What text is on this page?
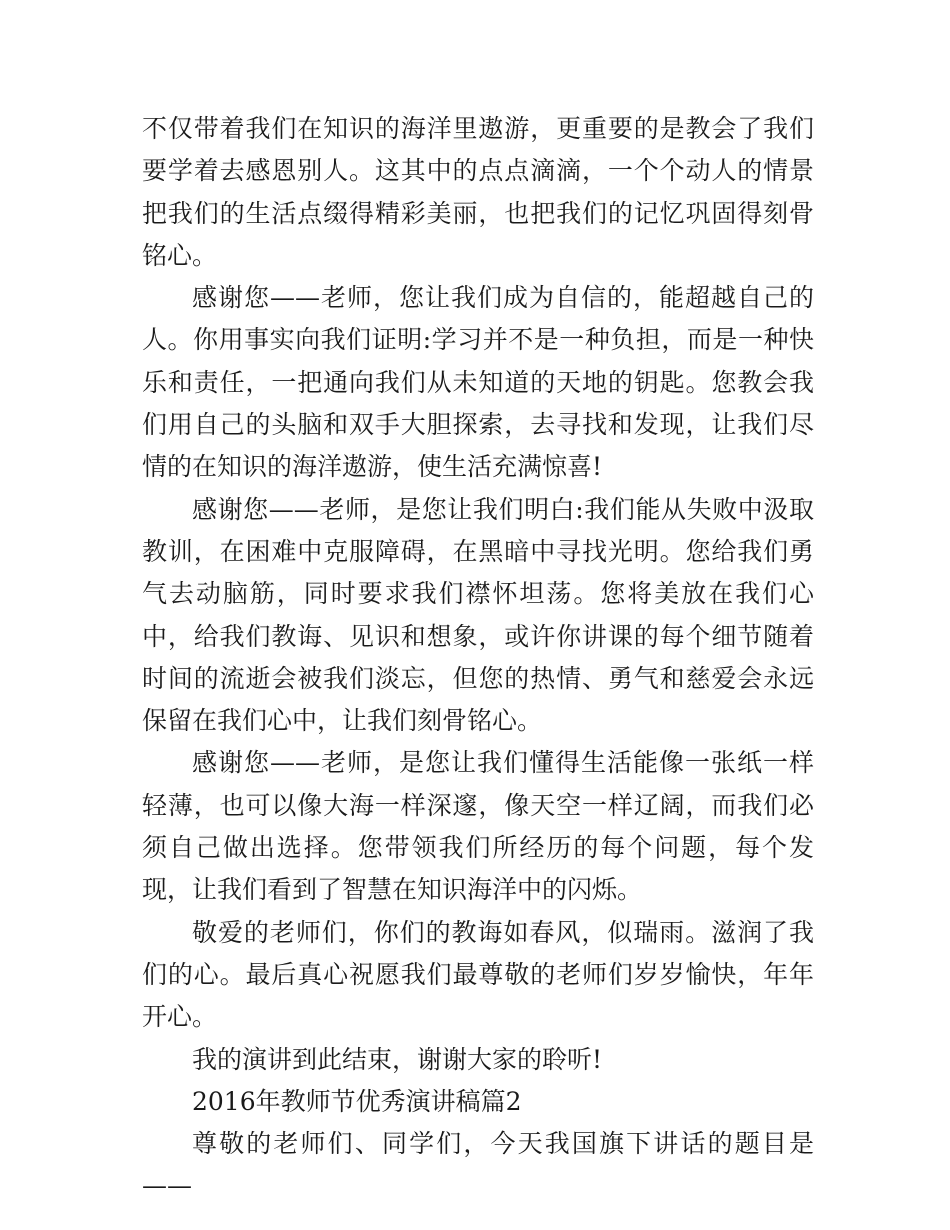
不仅带着我们在知识的海洋里遨游，更重要的是教会了我们要学着去感恩别人。这其中的点点滴滴，一个个动人的情景把我们的生活点缀得精彩美丽，也把我们的记忆巩固得刻骨铭心。

感谢您——老师，您让我们成为自信的，能超越自己的人。你用事实向我们证明:学习并不是一种负担，而是一种快乐和责任，一把通向我们从未知道的天地的钥匙。您教会我们用自己的头脑和双手大胆探索，去寻找和发现，让我们尽情的在知识的海洋遨游，使生活充满惊喜!

感谢您——老师，是您让我们明白:我们能从失败中汲取教训，在困难中克服障碍，在黑暗中寻找光明。您给我们勇气去动脑筋，同时要求我们襟怀坦荡。您将美放在我们心中，给我们教诲、见识和想象，或许你讲课的每个细节随着时间的流逝会被我们淡忘，但您的热情、勇气和慈爱会永远保留在我们心中，让我们刻骨铭心。

感谢您——老师，是您让我们懂得生活能像一张纸一样轻薄，也可以像大海一样深邃，像天空一样辽阔，而我们必须自己做出选择。您带领我们所经历的每个问题，每个发现，让我们看到了智慧在知识海洋中的闪烁。

敬爱的老师们，你们的教诲如春风，似瑞雨。滋润了我们的心。最后真心祝愿我们最尊敬的老师们岁岁愉快，年年开心。

我的演讲到此结束，谢谢大家的聆听!

2016年教师节优秀演讲稿篇2

尊敬的老师们、同学们，今天我国旗下讲话的题目是——
